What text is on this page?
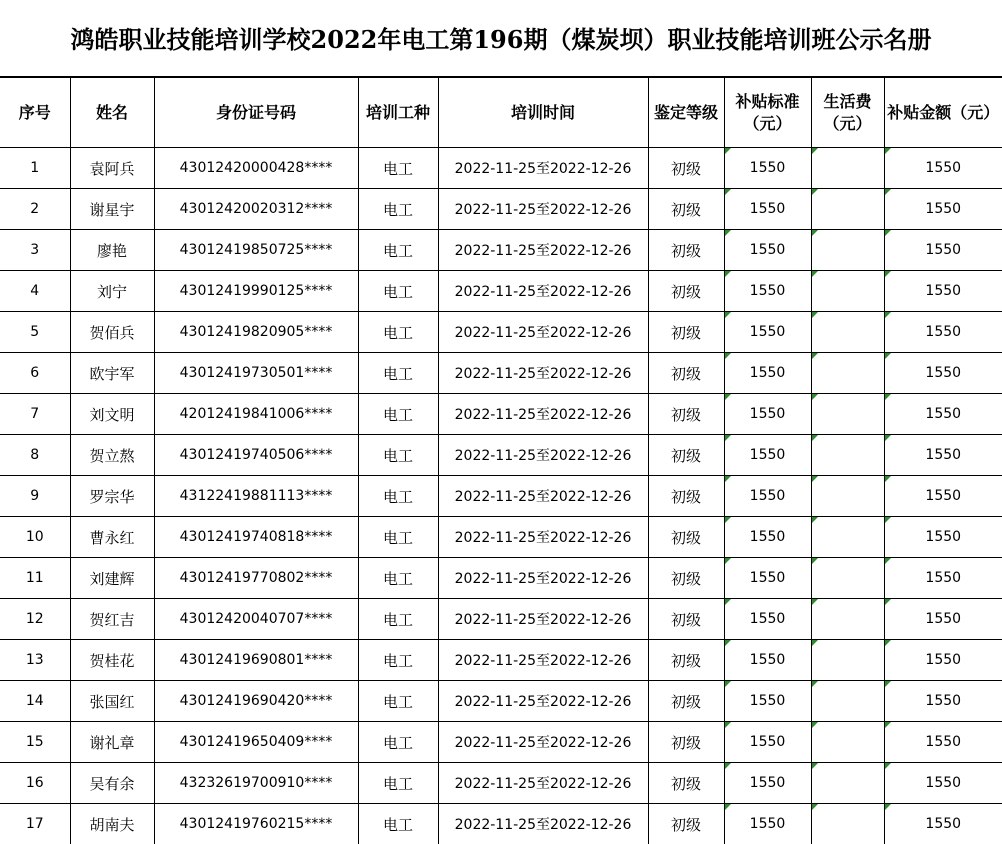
鸿皓职业技能培训学校2022年电工第196期（煤炭坝）职业技能培训班公示名册
序号	姓名	身份证号码	培训工种	培训时间	鉴定等级	补贴标准（元）	生活费（元）	补贴金额（元）
1	袁阿兵	43012420000428****	电工	2022-11-25至2022-12-26	初级	1550		1550
2	谢星宇	43012420020312****	电工	2022-11-25至2022-12-26	初级	1550		1550
3	廖艳	43012419850725****	电工	2022-11-25至2022-12-26	初级	1550		1550
4	刘宁	43012419990125****	电工	2022-11-25至2022-12-26	初级	1550		1550
5	贺佰兵	43012419820905****	电工	2022-11-25至2022-12-26	初级	1550		1550
6	欧宇军	43012419730501****	电工	2022-11-25至2022-12-26	初级	1550		1550
7	刘文明	42012419841006****	电工	2022-11-25至2022-12-26	初级	1550		1550
8	贺立熬	43012419740506****	电工	2022-11-25至2022-12-26	初级	1550		1550
9	罗宗华	43122419881113****	电工	2022-11-25至2022-12-26	初级	1550		1550
10	曹永红	43012419740818****	电工	2022-11-25至2022-12-26	初级	1550		1550
11	刘建辉	43012419770802****	电工	2022-11-25至2022-12-26	初级	1550		1550
12	贺红吉	43012420040707****	电工	2022-11-25至2022-12-26	初级	1550		1550
13	贺桂花	43012419690801****	电工	2022-11-25至2022-12-26	初级	1550		1550
14	张国红	43012419690420****	电工	2022-11-25至2022-12-26	初级	1550		1550
15	谢礼章	43012419650409****	电工	2022-11-25至2022-12-26	初级	1550		1550
16	吴有余	43232619700910****	电工	2022-11-25至2022-12-26	初级	1550		1550
17	胡南夫	43012419760215****	电工	2022-11-25至2022-12-26	初级	1550		1550
